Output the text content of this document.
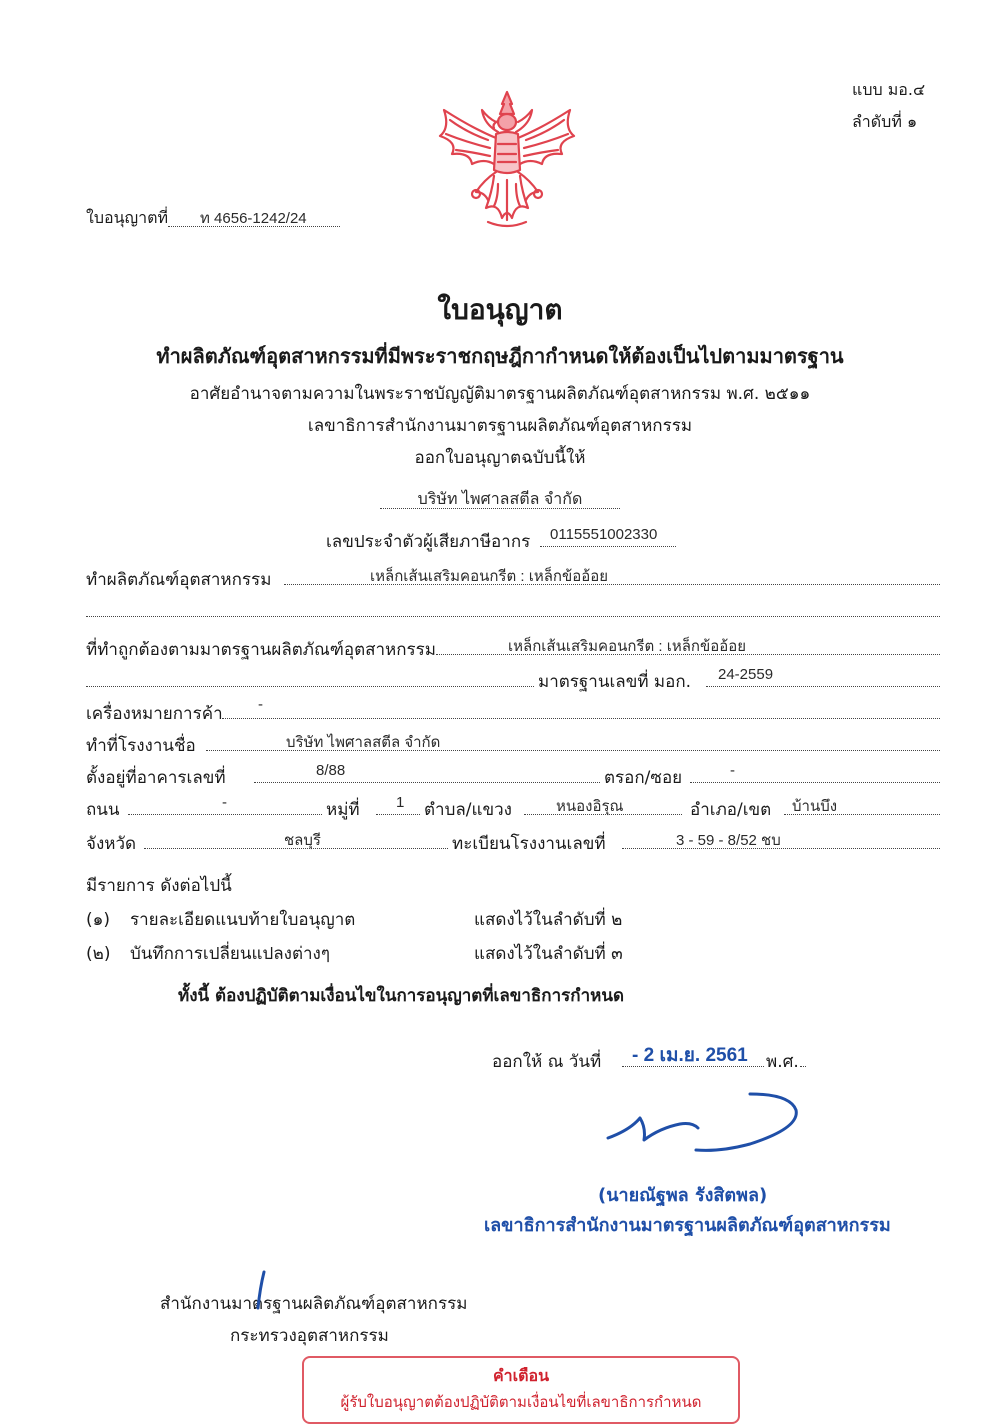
แบบ มอ.๔
ลำดับที่ ๑
ใบอนุญาตที่ ท 4656-1242/24
ใบอนุญาต
ทำผลิตภัณฑ์อุตสาหกรรมที่มีพระราชกฤษฎีกากำหนดให้ต้องเป็นไปตามมาตรฐาน
อาศัยอำนาจตามความในพระราชบัญญัติมาตรฐานผลิตภัณฑ์อุตสาหกรรม พ.ศ. ๒๕๑๑
เลขาธิการสำนักงานมาตรฐานผลิตภัณฑ์อุตสาหกรรม
ออกใบอนุญาตฉบับนี้ให้
บริษัท ไพศาลสตีล จำกัด
เลขประจำตัวผู้เสียภาษีอากร 0115551002330
ทำผลิตภัณฑ์อุตสาหกรรม	เหล็กเส้นเสริมคอนกรีต : เหล็กข้ออ้อย
ที่ทำถูกต้องตามมาตรฐานผลิตภัณฑ์อุตสาหกรรม	เหล็กเส้นเสริมคอนกรีต : เหล็กข้ออ้อย
มาตรฐานเลขที่ มอก. 24-2559
เครื่องหมายการค้า -
ทำที่โรงงานชื่อ	บริษัท ไพศาลสตีล จำกัด
ตั้งอยู่ที่อาคารเลขที่	8/88	ตรอก/ซอย	-
ถนน	-	หมู่ที่ 1 ตำบล/แขวง	หนองอิรุณ	อำเภอ/เขต บ้านบึง
จังหวัด	ชลบุรี	ทะเบียนโรงงานเลขที่	3 - 59 - 8/52 ชบ
มีรายการ ดังต่อไปนี้
(๑) รายละเอียดแนบท้ายใบอนุญาต	แสดงไว้ในลำดับที่ ๒
(๒) บันทึกการเปลี่ยนแปลงต่างๆ	แสดงไว้ในลำดับที่ ๓
ทั้งนี้ ต้องปฏิบัติตามเงื่อนไขในการอนุญาตที่เลขาธิการกำหนด
ออกให้ ณ วันที่ - 2 เม.ย. 2561 พ.ศ.
(นายณัฐพล รังสิตพล)
เลขาธิการสำนักงานมาตรฐานผลิตภัณฑ์อุตสาหกรรม
สำนักงานมาตรฐานผลิตภัณฑ์อุตสาหกรรม
กระทรวงอุตสาหกรรม
คำเตือน
ผู้รับใบอนุญาตต้องปฏิบัติตามเงื่อนไขที่เลขาธิการกำหนด
